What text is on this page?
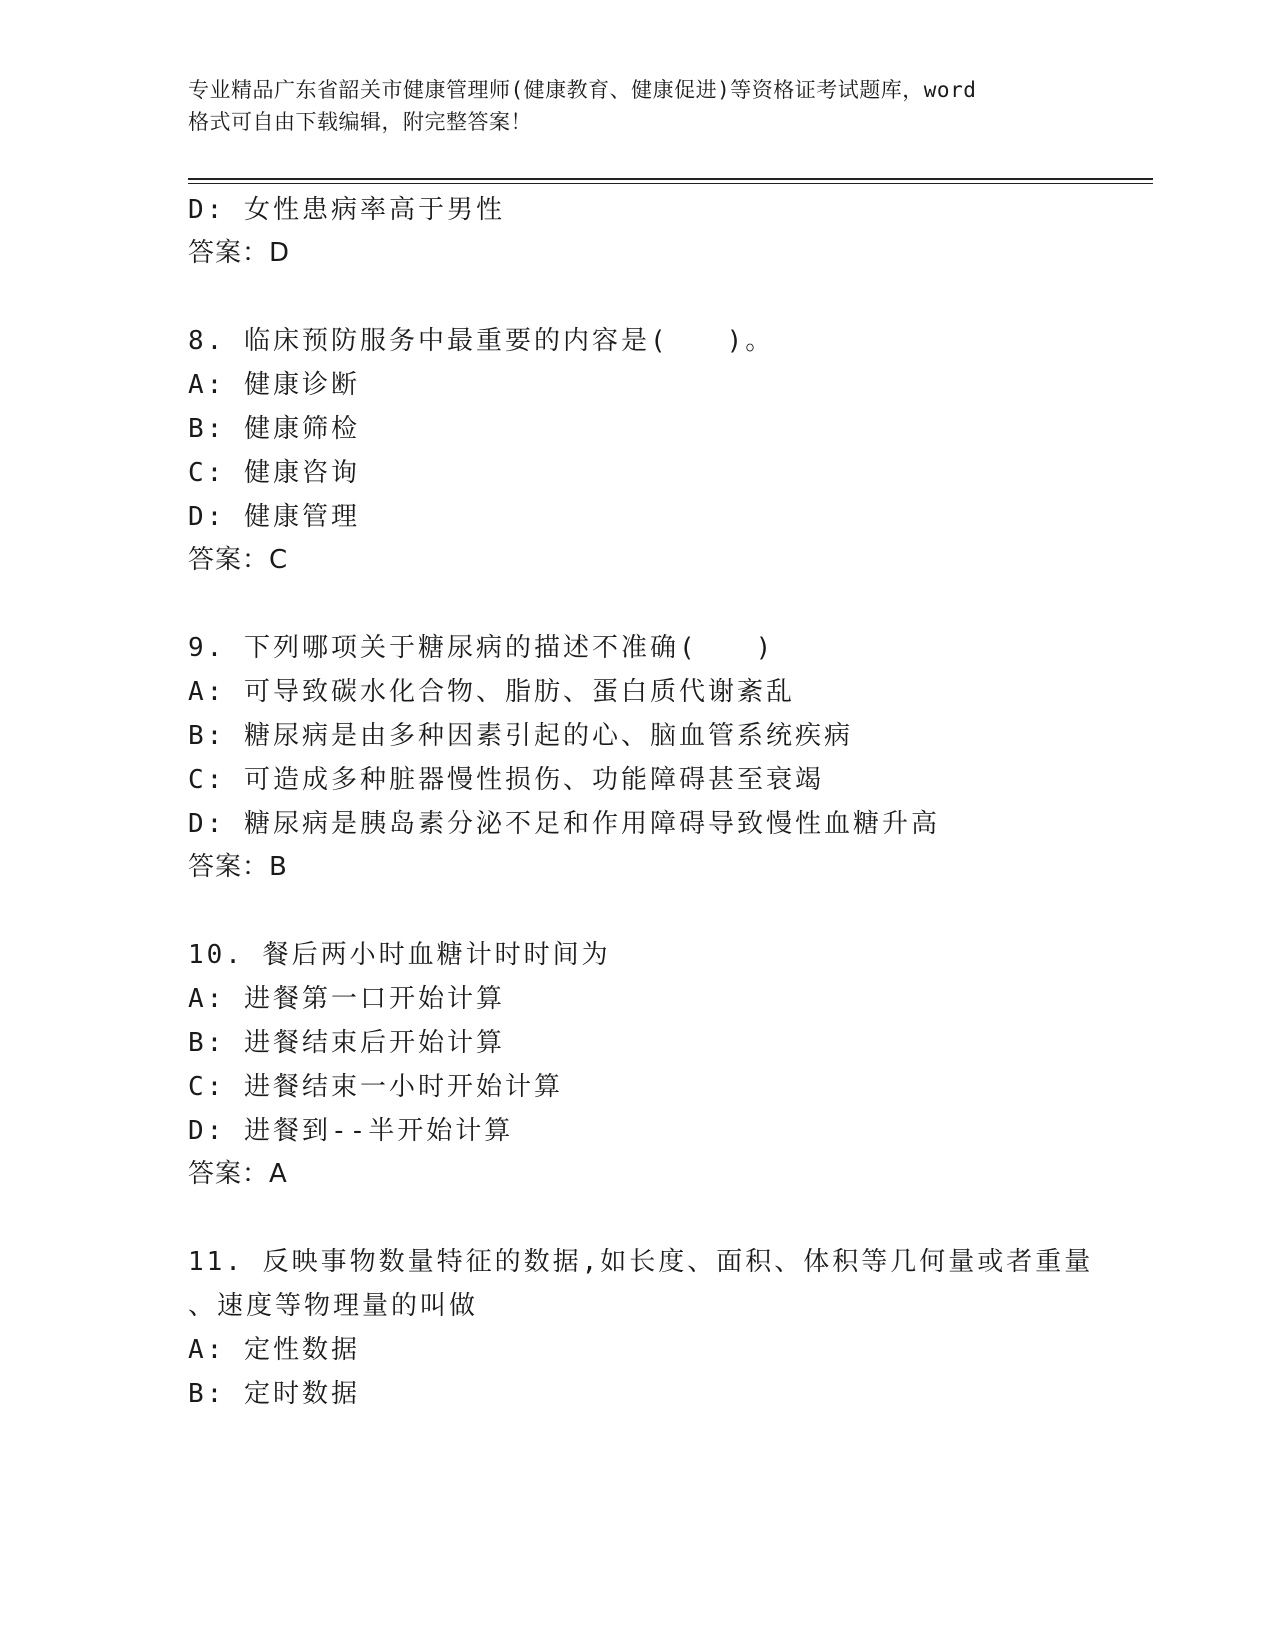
专业精品广东省韶关市健康管理师(健康教育、健康促进)等资格证考试题库，word
格式可自由下载编辑，附完整答案！
D: 女性患病率高于男性
答案：D
8. 临床预防服务中最重要的内容是(　　)。
A: 健康诊断
B: 健康筛检
C: 健康咨询
D: 健康管理
答案：C
9. 下列哪项关于糖尿病的描述不准确(　　)
A: 可导致碳水化合物、脂肪、蛋白质代谢紊乱
B: 糖尿病是由多种因素引起的心、脑血管系统疾病
C: 可造成多种脏器慢性损伤、功能障碍甚至衰竭
D: 糖尿病是胰岛素分泌不足和作用障碍导致慢性血糖升高
答案：B
10. 餐后两小时血糖计时时间为
A: 进餐第一口开始计算
B: 进餐结束后开始计算
C: 进餐结束一小时开始计算
D: 进餐到--半开始计算
答案：A
11. 反映事物数量特征的数据,如长度、面积、体积等几何量或者重量
、速度等物理量的叫做
A: 定性数据
B: 定时数据
